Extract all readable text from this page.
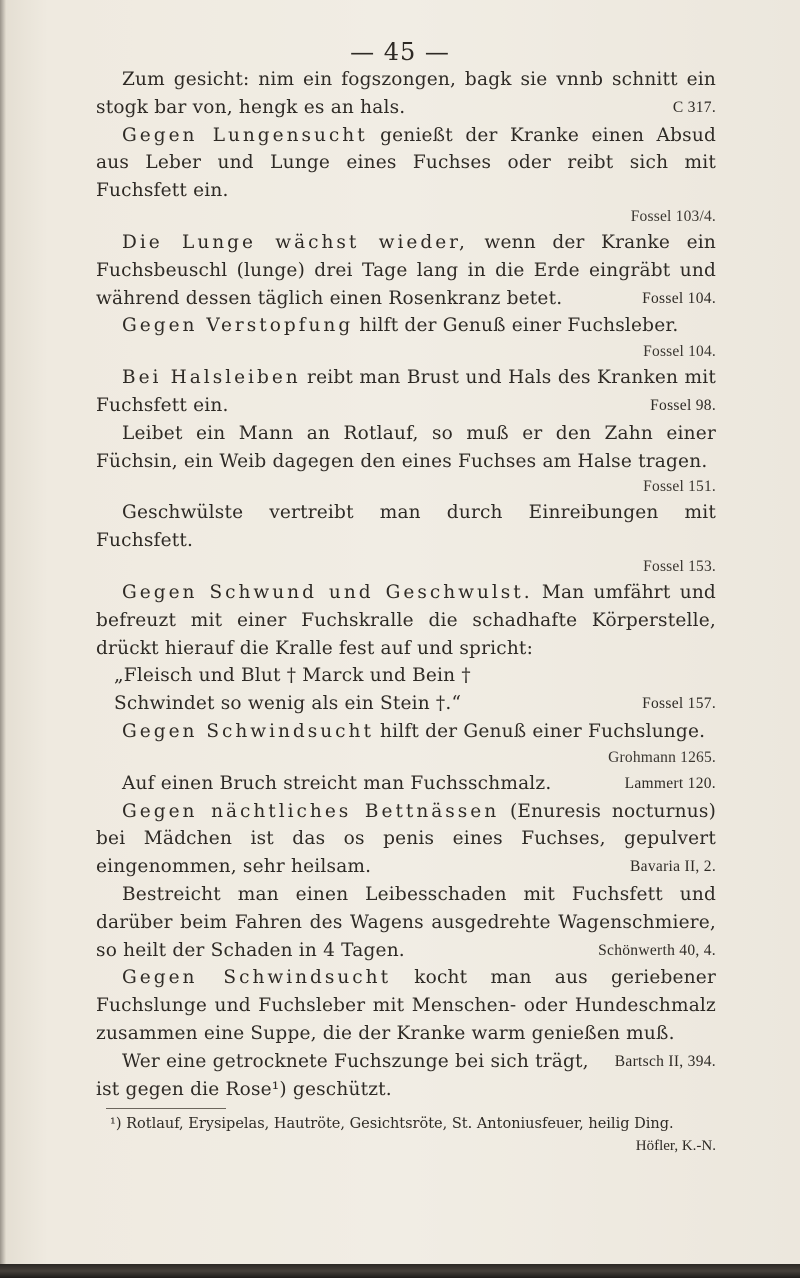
— 45 —

Zum gesicht: nim ein fogszongen, bagk sie vnnb schnitt ein stogk bar von, hengk es an hals.	C 317.

Gegen Lungensucht genießt der Kranke einen Absud aus Leber und Lunge eines Fuchses oder reibt sich mit Fuchsfett ein.

Fossel 103/4.

Die Lunge wächst wieder, wenn der Kranke ein Fuchsbeuschl (lunge) drei Tage lang in die Erde eingräbt und während dessen täglich einen Rosenkranz betet.	Fossel 104.

Gegen Verstopfung hilft der Genuß einer Fuchsleber.

Fossel 104.

Bei Halsleiben reibt man Brust und Hals des Kranken mit Fuchsfett ein.	Fossel 98.

Leibet ein Mann an Rotlauf, so muß er den Zahn einer Füchsin, ein Weib dagegen den eines Fuchses am Halse tragen.

Fossel 151.

Geschwülste vertreibt man durch Einreibungen mit Fuchsfett.

Fossel 153.

Gegen Schwund und Geschwulst. Man umfährt und befreuzt mit einer Fuchskralle die schadhafte Körperstelle, drückt hierauf die Kralle fest auf und spricht:

„Fleisch und Blut † Marck und Bein †

Schwindet so wenig als ein Stein †.“	Fossel 157.

Gegen Schwindsucht hilft der Genuß einer Fuchslunge.

Grohmann 1265.

Auf einen Bruch streicht man Fuchsschmalz.	Lammert 120.

Gegen nächtliches Bettnässen (Enuresis nocturnus) bei Mädchen ist das os penis eines Fuchses, gepulvert eingenommen, sehr heilsam.	Bavaria II, 2.

Bestreicht man einen Leibesschaden mit Fuchsfett und darüber beim Fahren des Wagens ausgedrehte Wagenschmiere, so heilt der Schaden in 4 Tagen.	Schönwerth 40, 4.

Gegen Schwindsucht kocht man aus geriebener Fuchslunge und Fuchsleber mit Menschen- oder Hundeschmalz zusammen eine Suppe, die der Kranke warm genießen muß.
Bartsch II, 394.

Wer eine getrocknete Fuchszunge bei sich trägt, ist gegen die Rose¹) geschützt.

¹) Rotlauf, Erysipelas, Hautröte, Gesichtsröte, St. Antoniusfeuer, heilig Ding.
Höfler, K.-N.
